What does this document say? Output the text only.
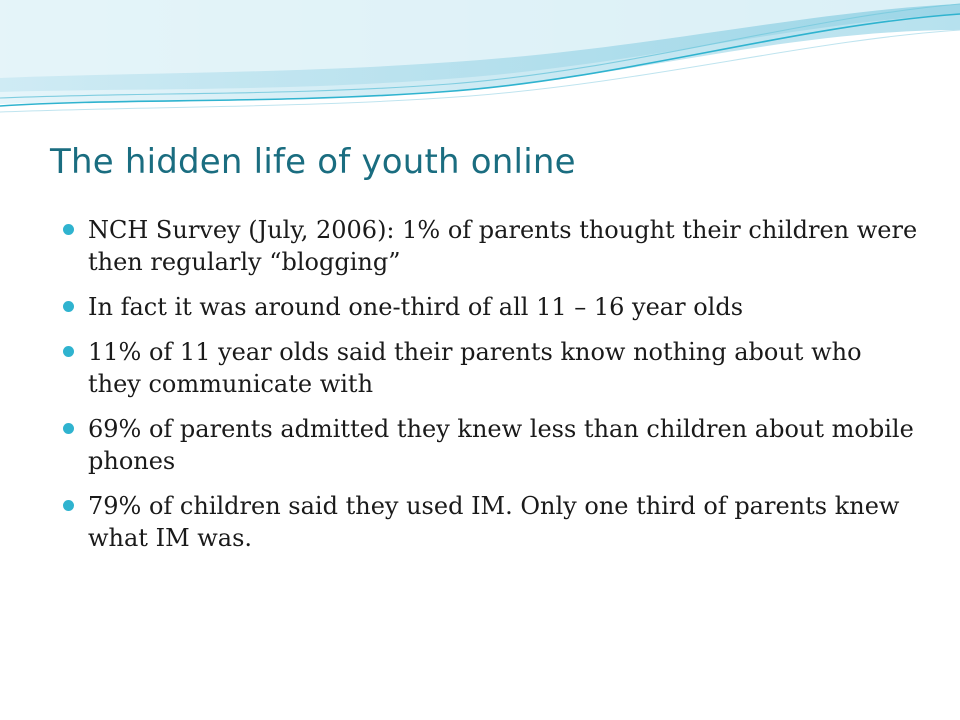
The hidden life of youth online
NCH Survey (July, 2006): 1% of parents thought their children were then regularly “blogging”
In fact it was around one-third of all 11 – 16 year olds
11% of 11 year olds said their parents know nothing about who they communicate with
69% of parents admitted they knew less than children about mobile phones
79% of children said they used IM. Only one third of parents knew what IM was.
